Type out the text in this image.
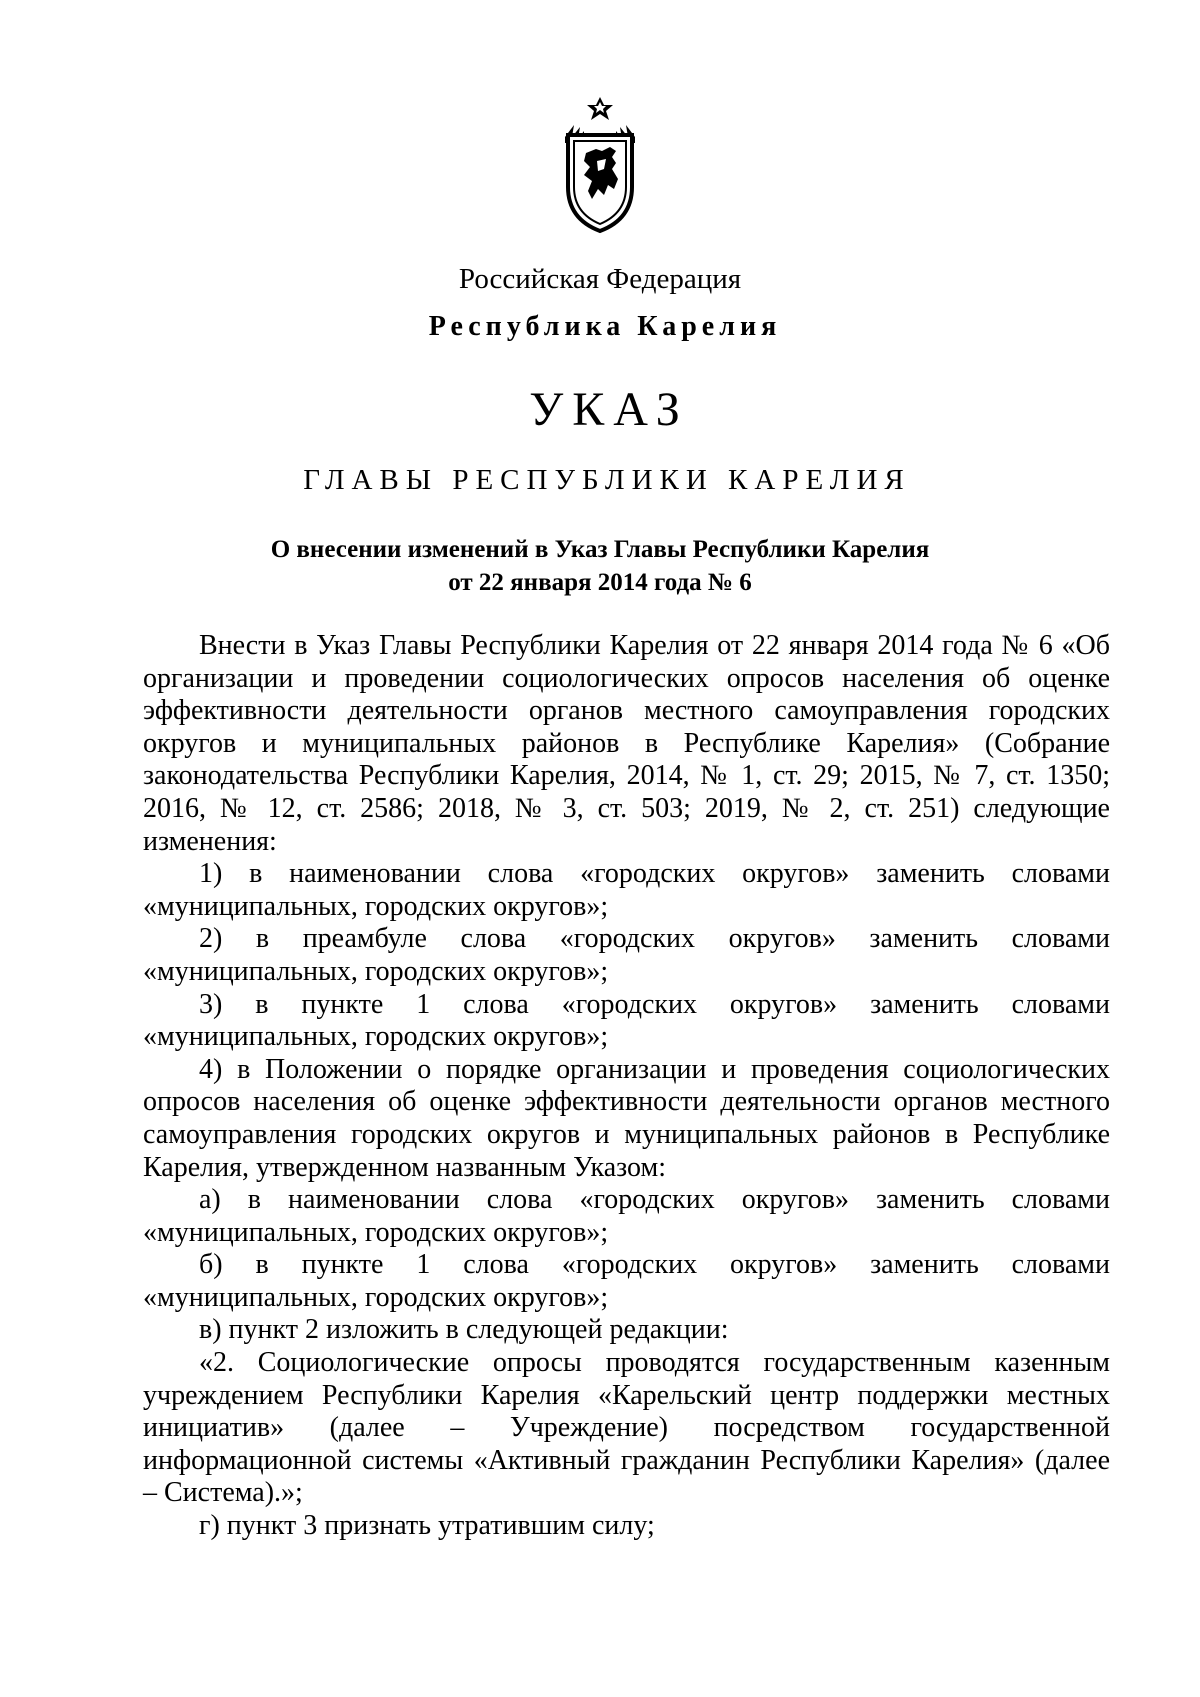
Российская Федерация
Республика Карелия
УКАЗ
ГЛАВЫ РЕСПУБЛИКИ КАРЕЛИЯ
О внесении изменений в Указ Главы Республики Карелия
от 22 января 2014 года № 6

Внести в Указ Главы Республики Карелия от 22 января 2014 года № 6 «Об организации и проведении социологических опросов населения об оценке эффективности деятельности органов местного самоуправления городских округов и муниципальных районов в Республике Карелия» (Собрание законодательства Республики Карелия, 2014, № 1, ст. 29; 2015, № 7, ст. 1350; 2016, № 12, ст. 2586; 2018, № 3, ст. 503; 2019, № 2, ст. 251) следующие изменения:

1) в наименовании слова «городских округов» заменить словами «муниципальных, городских округов»;

2) в преамбуле слова «городских округов» заменить словами «муниципальных, городских округов»;

3) в пункте 1 слова «городских округов» заменить словами «муниципальных, городских округов»;

4) в Положении о порядке организации и проведения социологических опросов населения об оценке эффективности деятельности органов местного самоуправления городских округов и муниципальных районов в Республике Карелия, утвержденном названным Указом:

а) в наименовании слова «городских округов» заменить словами «муниципальных, городских округов»;

б) в пункте 1 слова «городских округов» заменить словами «муниципальных, городских округов»;

в) пункт 2 изложить в следующей редакции:

«2. Социологические опросы проводятся государственным казенным учреждением Республики Карелия «Карельский центр поддержки местных инициатив» (далее – Учреждение) посредством государственной информационной системы «Активный гражданин Республики Карелия» (далее

– Система).»;

г) пункт 3 признать утратившим силу;
